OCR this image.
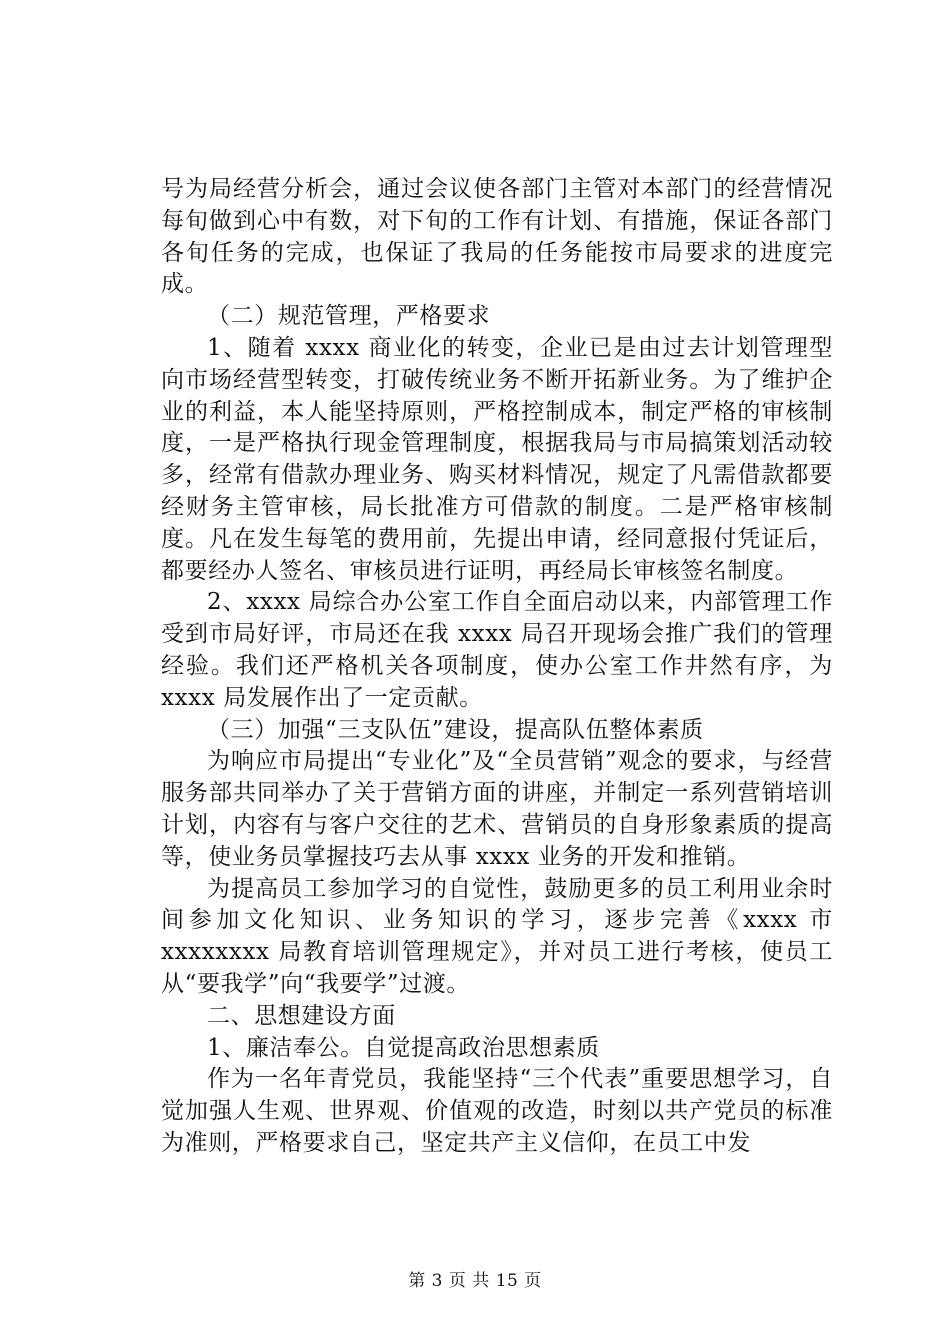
号为局经营分析会，通过会议使各部门主管对本部门的经营情况每旬做到心中有数，对下旬的工作有计划、有措施，保证各部门各旬任务的完成，也保证了我局的任务能按市局要求的进度完成。

（二）规范管理，严格要求

1、随着 xxxx 商业化的转变，企业已是由过去计划管理型向市场经营型转变，打破传统业务不断开拓新业务。为了维护企业的利益，本人能坚持原则，严格控制成本，制定严格的审核制度，一是严格执行现金管理制度，根据我局与市局搞策划活动较多，经常有借款办理业务、购买材料情况，规定了凡需借款都要经财务主管审核，局长批准方可借款的制度。二是严格审核制度。凡在发生每笔的费用前，先提出申请，经同意报付凭证后，都要经办人签名、审核员进行证明，再经局长审核签名制度。

2、xxxx 局综合办公室工作自全面启动以来，内部管理工作受到市局好评，市局还在我 xxxx 局召开现场会推广我们的管理经验。我们还严格机关各项制度，使办公室工作井然有序，为 xxxx 局发展作出了一定贡献。

（三）加强“三支队伍”建设，提高队伍整体素质

为响应市局提出“专业化”及“全员营销”观念的要求，与经营服务部共同举办了关于营销方面的讲座，并制定一系列营销培训计划，内容有与客户交往的艺术、营销员的自身形象素质的提高等，使业务员掌握技巧去从事 xxxx 业务的开发和推销。

为提高员工参加学习的自觉性，鼓励更多的员工利用业余时间参加文化知识、业务知识的学习，逐步完善《xxxx 市 xxxxxxxx 局教育培训管理规定》，并对员工进行考核，使员工从“要我学”向“我要学”过渡。

二、思想建设方面

1、廉洁奉公。自觉提高政治思想素质

作为一名年青党员，我能坚持“三个代表”重要思想学习，自觉加强人生观、世界观、价值观的改造，时刻以共产党员的标准为准则，严格要求自己，坚定共产主义信仰，在员工中发

第 3 页 共 15 页
